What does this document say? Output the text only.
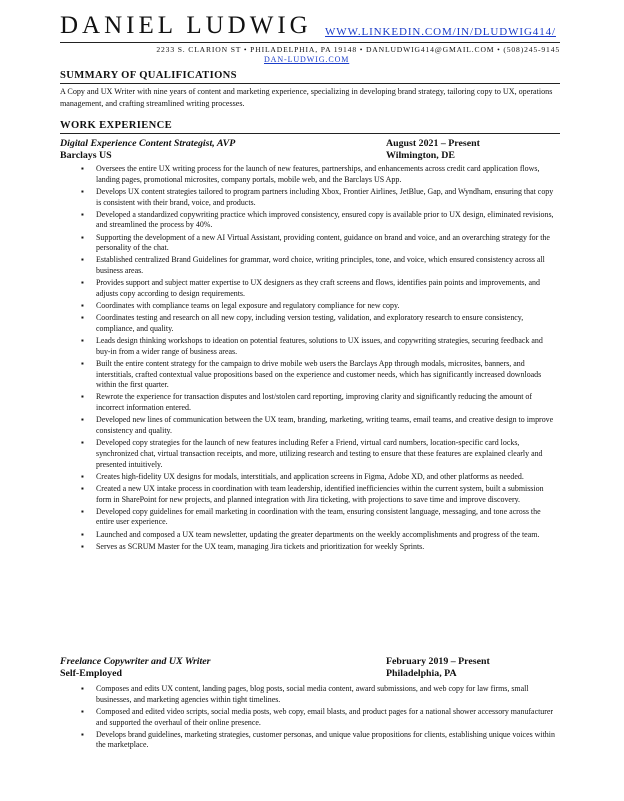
DANIEL LUDWIG WWW.LINKEDIN.COM/IN/DLUDWIG414/
2233 S. CLARION ST • PHILADELPHIA, PA 19148 • DANLUDWIG414@GMAIL.COM • (508)245-9145
DAN-LUDWIG.COM
SUMMARY OF QUALIFICATIONS
A Copy and UX Writer with nine years of content and marketing experience, specializing in developing brand strategy, tailoring copy to UX, operations management, and crafting streamlined writing processes.
WORK EXPERIENCE
Digital Experience Content Strategist, AVP	August 2021 – Present
Barclays US	Wilmington, DE
▪ Oversees the entire UX writing process for the launch of new features, partnerships, and enhancements across credit card application flows, landing pages, promotional microsites, company portals, mobile web, and the Barclays US App.
▪ Develops UX content strategies tailored to program partners including Xbox, Frontier Airlines, JetBlue, Gap, and Wyndham, ensuring that copy is consistent with their brand, voice, and products.
▪ Developed a standardized copywriting practice which improved consistency, ensured copy is available prior to UX design, eliminated revisions, and streamlined the process by 40%.
▪ Supporting the development of a new AI Virtual Assistant, providing content, guidance on brand and voice, and an overarching strategy for the personality of the chat.
▪ Established centralized Brand Guidelines for grammar, word choice, writing principles, tone, and voice, which ensured consistency across all business areas.
▪ Provides support and subject matter expertise to UX designers as they craft screens and flows, identifies pain points and improvements, and adjusts copy according to design requirements.
▪ Coordinates with compliance teams on legal exposure and regulatory compliance for new copy.
▪ Coordinates testing and research on all new copy, including version testing, validation, and exploratory research to ensure consistency, compliance, and quality.
▪ Leads design thinking workshops to ideation on potential features, solutions to UX issues, and copywriting strategies, securing feedback and buy-in from a wider range of business areas.
▪ Built the entire content strategy for the campaign to drive mobile web users the Barclays App through modals, microsites, banners, and interstitials, crafted contextual value propositions based on the experience and customer needs, which has significantly increased downloads within the first quarter.
▪ Rewrote the experience for transaction disputes and lost/stolen card reporting, improving clarity and significantly reducing the amount of incorrect information entered.
▪ Developed new lines of communication between the UX team, branding, marketing, writing teams, email teams, and creative design to improve consistency and quality.
▪ Developed copy strategies for the launch of new features including Refer a Friend, virtual card numbers, location-specific card locks, synchronized chat, virtual transaction receipts, and more, utilizing research and testing to ensure that these features are explained clearly and presented intuitively.
▪ Creates high-fidelity UX designs for modals, interstitials, and application screens in Figma, Adobe XD, and other platforms as needed.
▪ Created a new UX intake process in coordination with team leadership, identified inefficiencies within the current system, built a submission form in SharePoint for new projects, and planned integration with Jira ticketing, with projections to save time and improve discovery.
▪ Developed copy guidelines for email marketing in coordination with the team, ensuring consistent language, messaging, and tone across the entire user experience.
▪ Launched and composed a UX team newsletter, updating the greater departments on the weekly accomplishments and progress of the team.
▪ Serves as SCRUM Master for the UX team, managing Jira tickets and prioritization for weekly Sprints.
Freelance Copywriter and UX Writer	February 2019 – Present
Self-Employed	Philadelphia, PA
▪ Composes and edits UX content, landing pages, blog posts, social media content, award submissions, and web copy for law firms, small businesses, and marketing agencies within tight timelines.
▪ Composed and edited video scripts, social media posts, web copy, email blasts, and product pages for a national shower accessory manufacturer and supported the overhaul of their online presence.
▪ Develops brand guidelines, marketing strategies, customer personas, and unique value propositions for clients, establishing unique voices within the marketplace.
